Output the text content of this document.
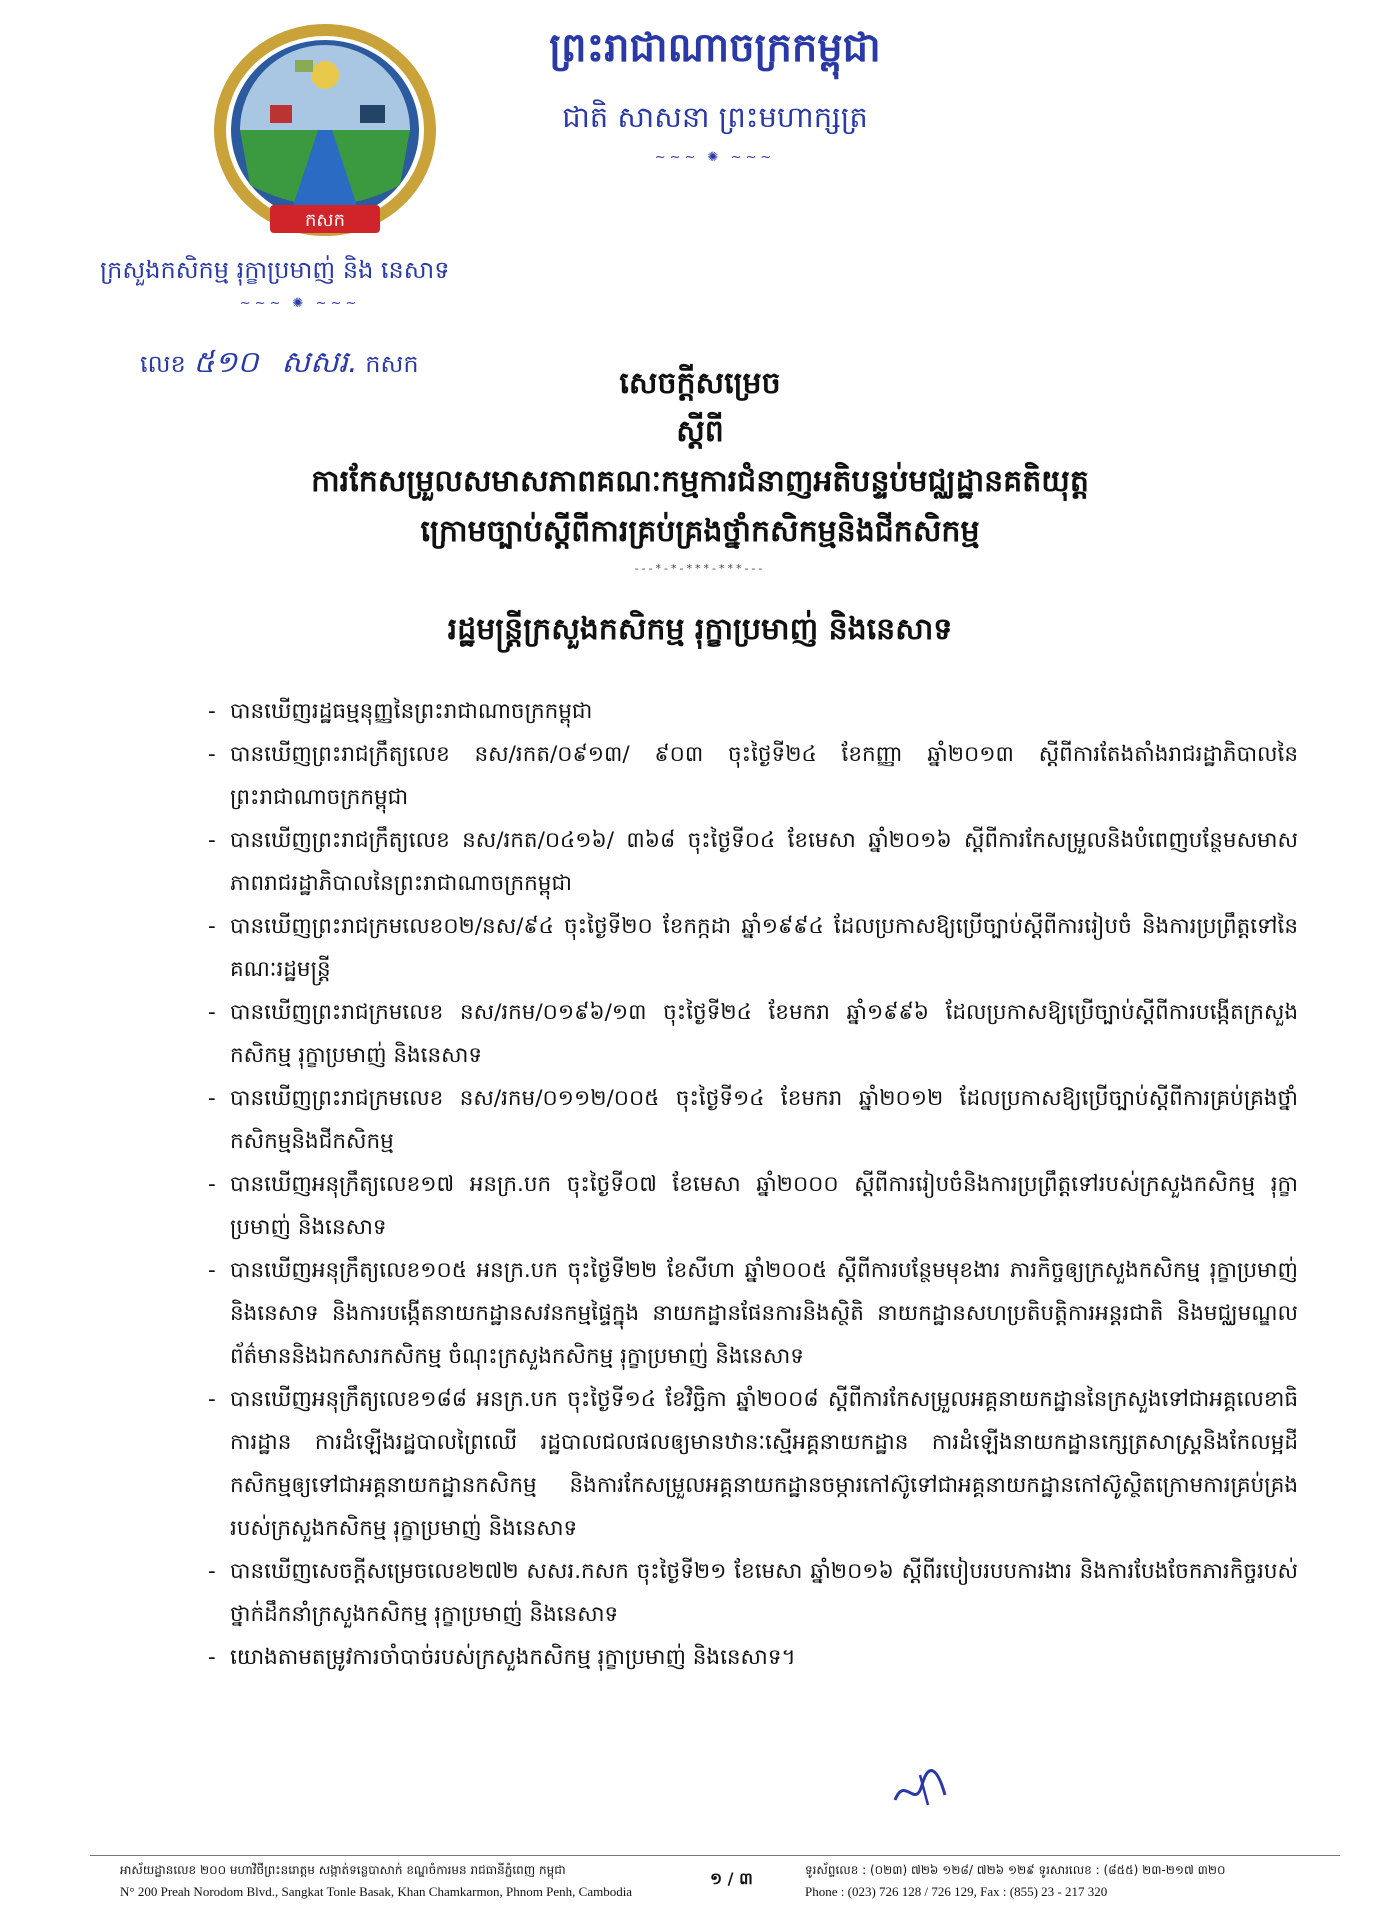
កសក
ព្រះរាជាណាចក្រកម្ពុជា
ជាតិ សាសនា ព្រះមហាក្សត្រ
~~~ ✺ ~~~
ក្រសួងកសិកម្ម រុក្ខាប្រមាញ់ និង នេសាទ
~~~ ✺ ~~~
លេខ ៥១០ សសរ. កសក
សេចក្តីសម្រេច
ស្តីពី
ការកែសម្រួលសមាសភាពគណៈកម្មការជំនាញអតិបន្ទប់មជ្ឈដ្ឋានគតិយុត្ត
ក្រោមច្បាប់ស្តីពីការគ្រប់គ្រងថ្នាំកសិកម្មនិងជីកសិកម្ម
---*-*-***-***---
រដ្ឋមន្ត្រីក្រសួងកសិកម្ម រុក្ខាប្រមាញ់ និងនេសាទ
- បានឃើញរដ្ឋធម្មនុញ្ញនៃព្រះរាជាណាចក្រកម្ពុជា
- បានឃើញព្រះរាជក្រឹត្យលេខ នស/រកត/០៩១៣/ ៩០៣ ចុះថ្ងៃទី២៤ ខែកញ្ញា ឆ្នាំ២០១៣ ស្តីពីការតែងតាំងរាជរដ្ឋាភិបាលនៃព្រះរាជាណាចក្រកម្ពុជា
- បានឃើញព្រះរាជក្រឹត្យលេខ នស/រកត/០៤១៦/ ៣៦៨ ចុះថ្ងៃទី០៤ ខែមេសា ឆ្នាំ២០១៦ ស្តីពីការកែសម្រួលនិងបំពេញបន្ថែមសមាសភាពរាជរដ្ឋាភិបាលនៃព្រះរាជាណាចក្រកម្ពុជា
- បានឃើញព្រះរាជក្រមលេខ០២/នស/៩៤ ចុះថ្ងៃទី២០ ខែកក្កដា ឆ្នាំ១៩៩៤ ដែលប្រកាសឱ្យប្រើច្បាប់ស្តីពីការរៀបចំ និងការប្រព្រឹត្តទៅនៃគណៈរដ្ឋមន្ត្រី
- បានឃើញព្រះរាជក្រមលេខ នស/រកម/០១៩៦/១៣ ចុះថ្ងៃទី២៤ ខែមករា ឆ្នាំ១៩៩៦ ដែលប្រកាសឱ្យប្រើច្បាប់ស្តីពីការបង្កើតក្រសួងកសិកម្ម រុក្ខាប្រមាញ់ និងនេសាទ
- បានឃើញព្រះរាជក្រមលេខ នស/រកម/០១១២/០០៥ ចុះថ្ងៃទី១៤ ខែមករា ឆ្នាំ២០១២ ដែលប្រកាសឱ្យប្រើច្បាប់ស្តីពីការគ្រប់គ្រងថ្នាំកសិកម្មនិងជីកសិកម្ម
- បានឃើញអនុក្រឹត្យលេខ១៧ អនក្រ.បក ចុះថ្ងៃទី០៧ ខែមេសា ឆ្នាំ២០០០ ស្តីពីការរៀបចំនិងការប្រព្រឹត្តទៅរបស់ក្រសួងកសិកម្ម រុក្ខាប្រមាញ់ និងនេសាទ
- បានឃើញអនុក្រឹត្យលេខ១០៥ អនក្រ.បក ចុះថ្ងៃទី២២ ខែសីហា ឆ្នាំ២០០៥ ស្តីពីការបន្ថែមមុខងារ ភារកិច្ចឲ្យក្រសួងកសិកម្ម រុក្ខាប្រមាញ់ និងនេសាទ និងការបង្កើតនាយកដ្ឋានសវនកម្មផ្ទៃក្នុង នាយកដ្ឋានផែនការនិងស្ថិតិ នាយកដ្ឋានសហប្រតិបត្តិការអន្តរជាតិ និងមជ្ឈមណ្ឌលព័ត៌មាននិងឯកសារកសិកម្ម ចំណុះក្រសួងកសិកម្ម រុក្ខាប្រមាញ់ និងនេសាទ
- បានឃើញអនុក្រឹត្យលេខ១៨៨ អនក្រ.បក ចុះថ្ងៃទី១៤ ខែវិច្ឆិកា ឆ្នាំ២០០៨ ស្តីពីការកែសម្រួលអគ្គនាយកដ្ឋាននៃក្រសួងទៅជាអគ្គលេខាធិការដ្ឋាន ការដំឡើងរដ្ឋបាលព្រៃឈើ រដ្ឋបាលជលផលឲ្យមានឋានៈស្មើអគ្គនាយកដ្ឋាន ការដំឡើងនាយកដ្ឋានក្សេត្រសាស្ត្រនិងកែលម្អដីកសិកម្មឲ្យទៅជាអគ្គនាយកដ្ឋានកសិកម្ម និងការកែសម្រួលអគ្គនាយកដ្ឋានចម្ការកៅស៊ូទៅជាអគ្គនាយកដ្ឋានកៅស៊ូស្ថិតក្រោមការគ្រប់គ្រងរបស់ក្រសួងកសិកម្ម រុក្ខាប្រមាញ់ និងនេសាទ
- បានឃើញសេចក្តីសម្រេចលេខ២៧២ សសរ.កសក ចុះថ្ងៃទី២១ ខែមេសា ឆ្នាំ២០១៦ ស្តីពីរបៀបរបបការងារ និងការបែងចែកភារកិច្ចរបស់ថ្នាក់ដឹកនាំក្រសួងកសិកម្ម រុក្ខាប្រមាញ់ និងនេសាទ
- យោងតាមតម្រូវការចាំបាច់របស់ក្រសួងកសិកម្ម រុក្ខាប្រមាញ់ និងនេសាទ។
អាស័យដ្ឋានលេខ ២០០ មហាវិថីព្រះនរោត្តម សង្កាត់ទន្លេបាសាក់ ខណ្ឌចំការមន រាជធានីភ្នំពេញ កម្ពុជា
N° 200 Preah Norodom Blvd., Sangkat Tonle Basak, Khan Chamkarmon, Phnom Penh, Cambodia
១ / ៣	ទូរស័ព្ទលេខ : (០២៣) ៧២៦ ១២៨/ ៧២៦ ១២៩ ទូរសារលេខ : (៨៥៥) ២៣-២១៧ ៣២០
Phone : (023) 726 128 / 726 129, Fax : (855) 23 - 217 320
